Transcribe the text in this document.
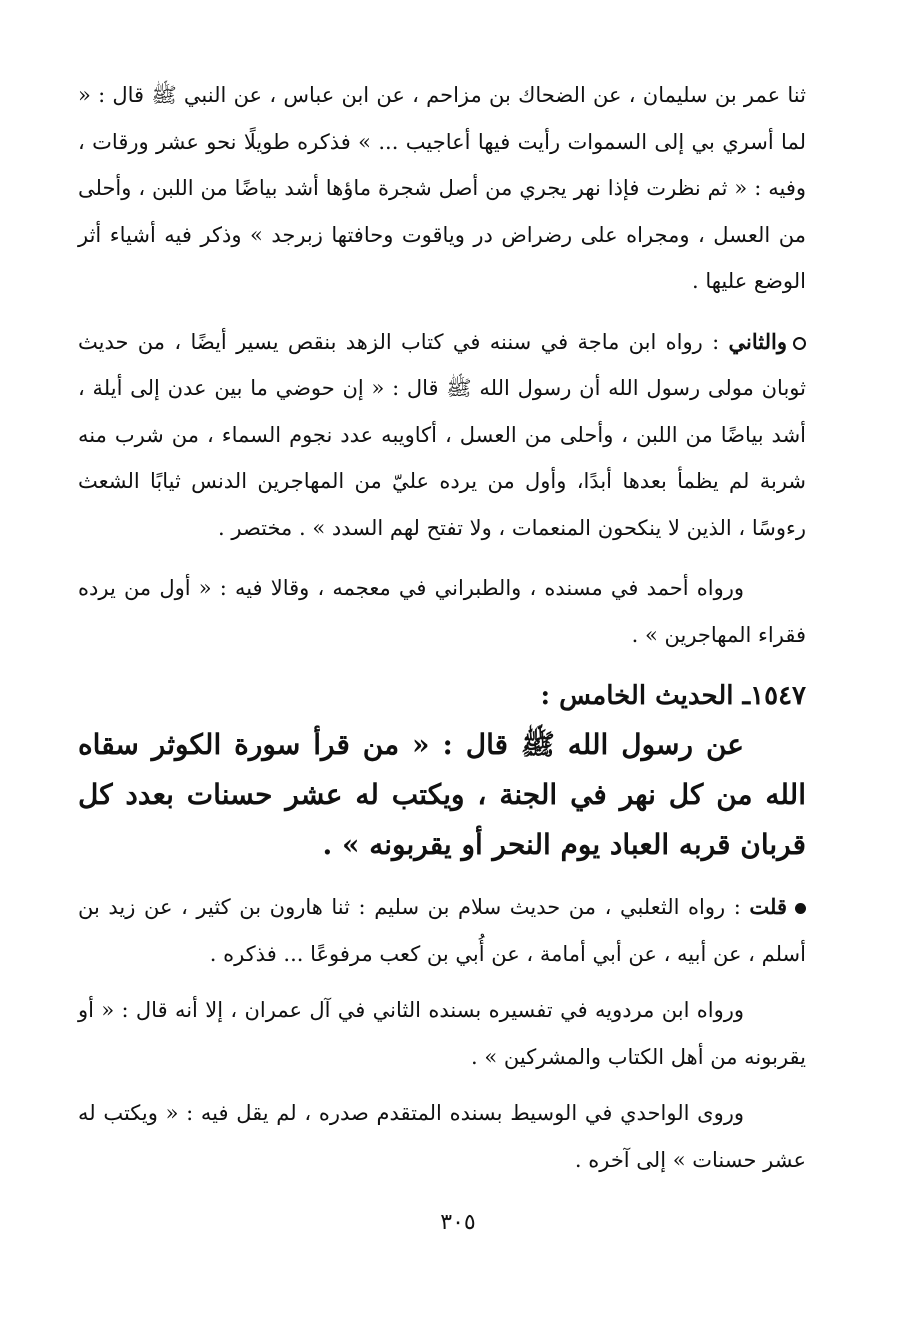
ثنا عمر بن سليمان ، عن الضحاك بن مزاحم ، عن ابن عباس ، عن النبي ﷺ قال : « لما أسري بي إلى السموات رأيت فيها أعاجيب ... » فذكره طويلًا نحو عشر ورقات ، وفيه : « ثم نظرت فإذا نهر يجري من أصل شجرة ماؤها أشد بياضًا من اللبن ، وأحلى من العسل ، ومجراه على رضراض در وياقوت وحافتها زبرجد » وذكر فيه أشياء أثر الوضع عليها .

والثاني : رواه ابن ماجة في سننه في كتاب الزهد بنقص يسير أيضًا ، من حديث ثوبان مولى رسول الله أن رسول الله ﷺ قال : « إن حوضي ما بين عدن إلى أيلة ، أشد بياضًا من اللبن ، وأحلى من العسل ، أكاويبه عدد نجوم السماء ، من شرب منه شربة لم يظمأ بعدها أبدًا، وأول من يرده عليّ من المهاجرين الدنس ثيابًا الشعث رءوسًا ، الذين لا ينكحون المنعمات ، ولا تفتح لهم السدد » . مختصر .

ورواه أحمد في مسنده ، والطبراني في معجمه ، وقالا فيه : « أول من يرده فقراء المهاجرين » .

١٥٤٧ـ الحديث الخامس :

عن رسول الله ﷺ قال : « من قرأ سورة الكوثر سقاه الله من كل نهر في الجنة ، ويكتب له عشر حسنات بعدد كل قربان قربه العباد يوم النحر أو يقربونه » .

قلت : رواه الثعلبي ، من حديث سلام بن سليم : ثنا هارون بن كثير ، عن زيد بن أسلم ، عن أبيه ، عن أبي أمامة ، عن أُبي بن كعب مرفوعًا ... فذكره .

ورواه ابن مردويه في تفسيره بسنده الثاني في آل عمران ، إلا أنه قال : « أو يقربونه من أهل الكتاب والمشركين » .

وروى الواحدي في الوسيط بسنده المتقدم صدره ، لم يقل فيه : « ويكتب له عشر حسنات » إلى آخره .

٣٠٥
